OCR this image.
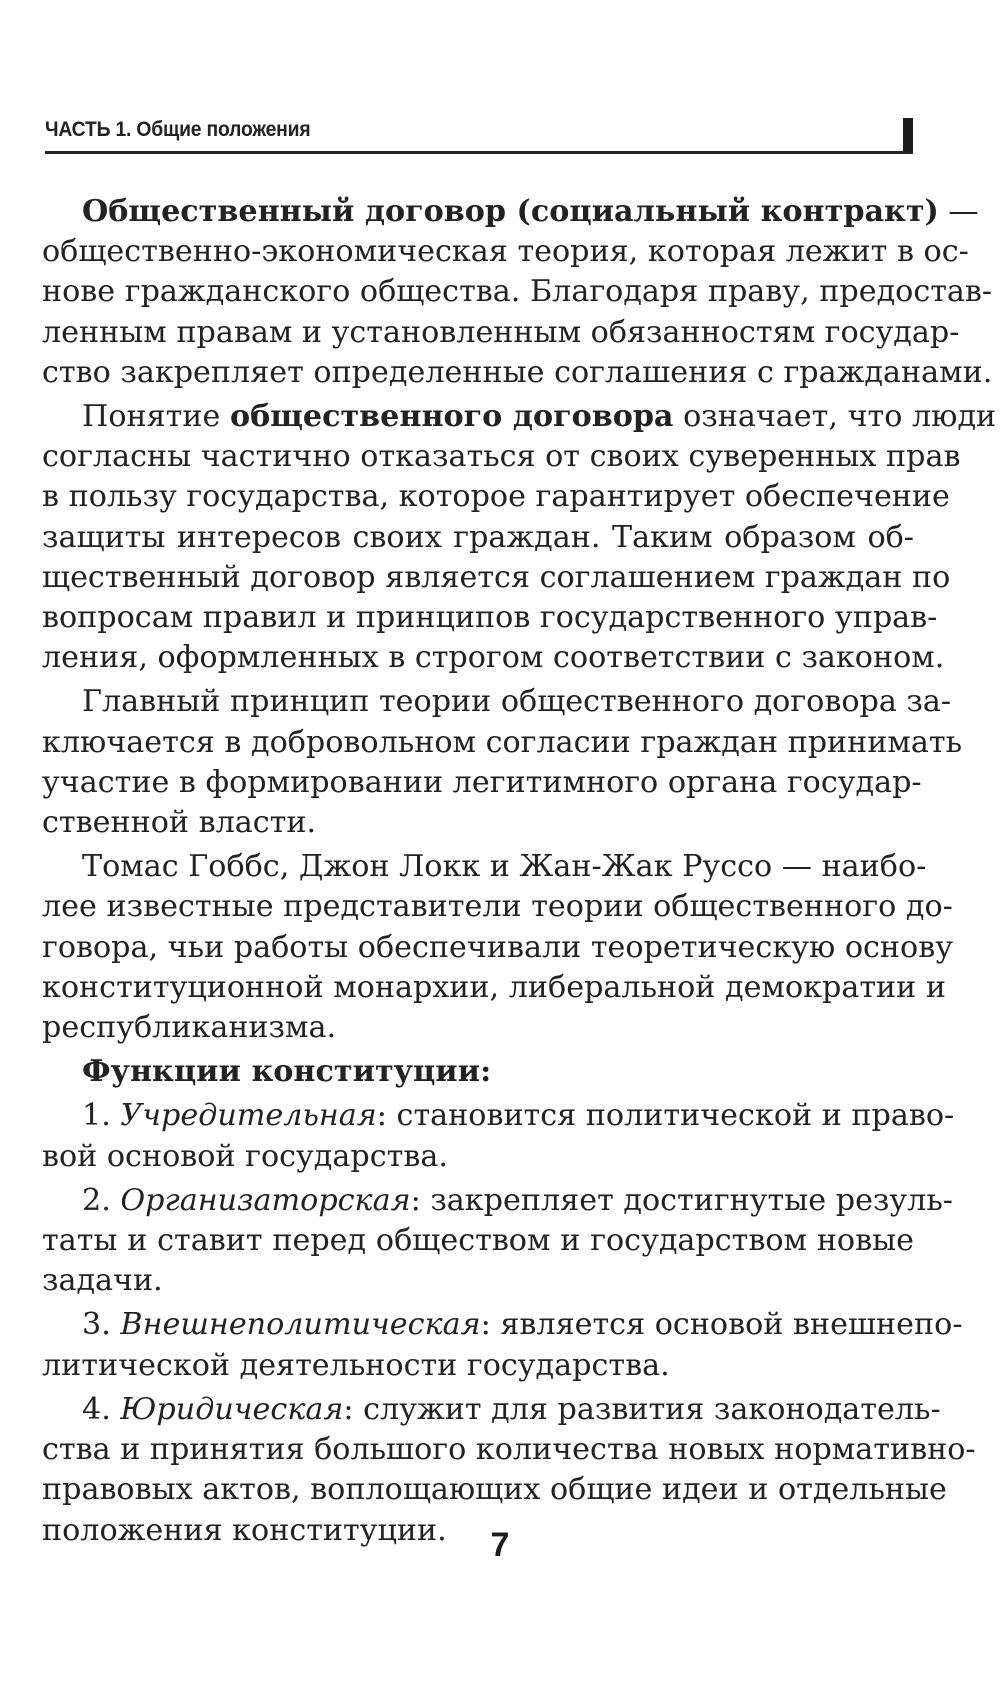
ЧАСТЬ 1. Общие положения

Общественный договор (социальный контракт) —
общественно-экономическая теория, которая лежит в ос-
нове гражданского общества. Благодаря праву, предостав-
ленным правам и установленным обязанностям государ-
ство закрепляет определенные соглашения с гражданами.

Понятие общественного договора означает, что люди
согласны частично отказаться от своих суверенных прав
в пользу государства, которое гарантирует обеспечение
защиты интересов своих граждан. Таким образом об-
щественный договор является соглашением граждан по
вопросам правил и принципов государственного управ-
ления, оформленных в строгом соответствии с законом.

Главный принцип теории общественного договора за-
ключается в добровольном согласии граждан принимать
участие в формировании легитимного органа государ-
ственной власти.

Томас Гоббс, Джон Локк и Жан-Жак Руссо — наибо-
лее известные представители теории общественного до-
говора, чьи работы обеспечивали теоретическую основу
конституционной монархии, либеральной демократии и
республиканизма.

Функции конституции:

1. Учредительная: становится политической и право-
вой основой государства.

2. Организаторская: закрепляет достигнутые резуль-
таты и ставит перед обществом и государством новые
задачи.

3. Внешнеполитическая: является основой внешнепо-
литической деятельности государства.

4. Юридическая: служит для развития законодатель-
ства и принятия большого количества новых нормативно-
правовых актов, воплощающих общие идеи и отдельные
положения конституции.	7
